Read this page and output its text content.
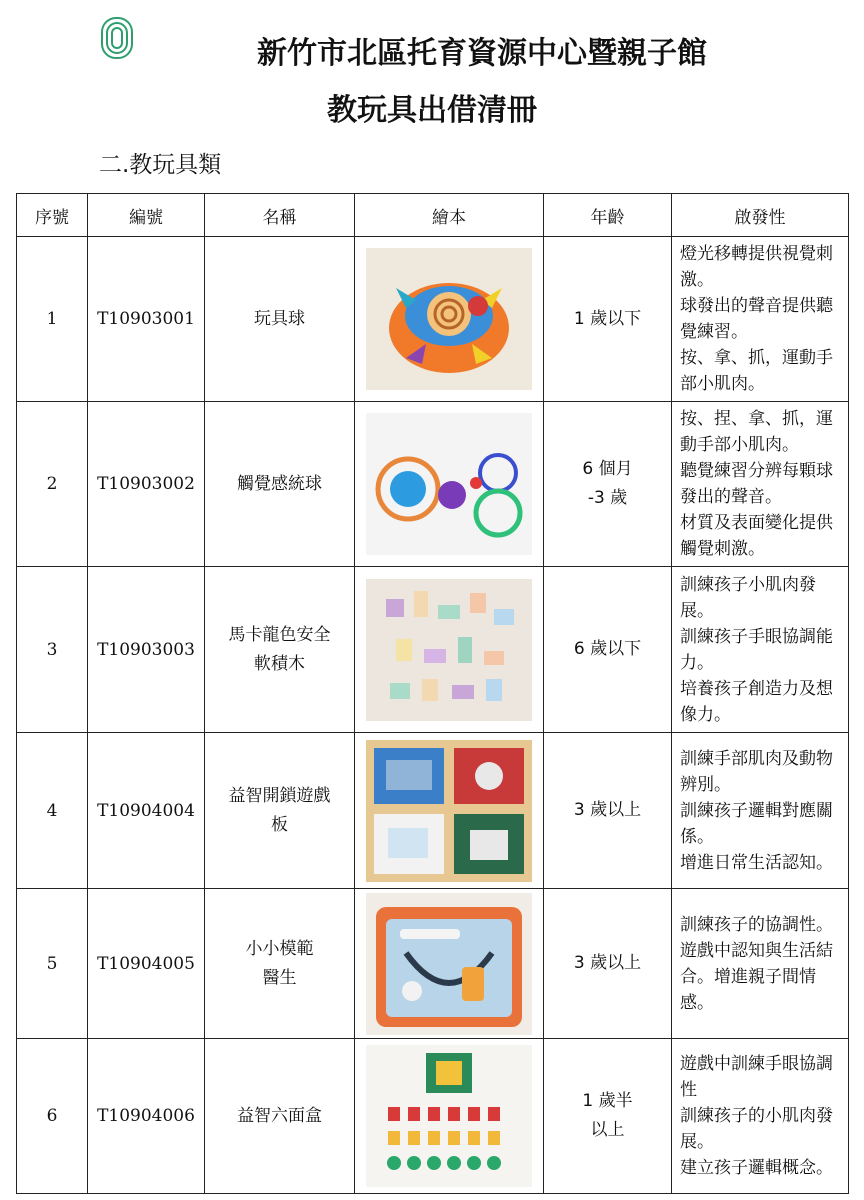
新竹市北區托育資源中心暨親子館
教玩具出借清冊
二.教玩具類
序號	編號	名稱	繪本	年齡	啟發性
1	T10903001	玩具球		1 歲以下	燈光移轉提供視覺刺激。
球發出的聲音提供聽覺練習。
按、拿、抓，運動手部小肌肉。
2	T10903002	觸覺感統球		6 個月
-3 歲	按、捏、拿、抓，運動手部小肌肉。
聽覺練習分辨每顆球發出的聲音。
材質及表面變化提供觸覺刺激。
3	T10903003	馬卡龍色安全
軟積木		6 歲以下	訓練孩子小肌肉發展。
訓練孩子手眼協調能力。
培養孩子創造力及想像力。
4	T10904004	益智開鎖遊戲
板		3 歲以上	訓練手部肌肉及動物辨別。
訓練孩子邏輯對應關係。
增進日常生活認知。
5	T10904005	小小模範
醫生		3 歲以上	訓練孩子的協調性。遊戲中認知與生活結合。增進親子間情感。
6	T10904006	益智六面盒		1 歲半
以上	遊戲中訓練手眼協調性
訓練孩子的小肌肉發展。
建立孩子邏輯概念。
